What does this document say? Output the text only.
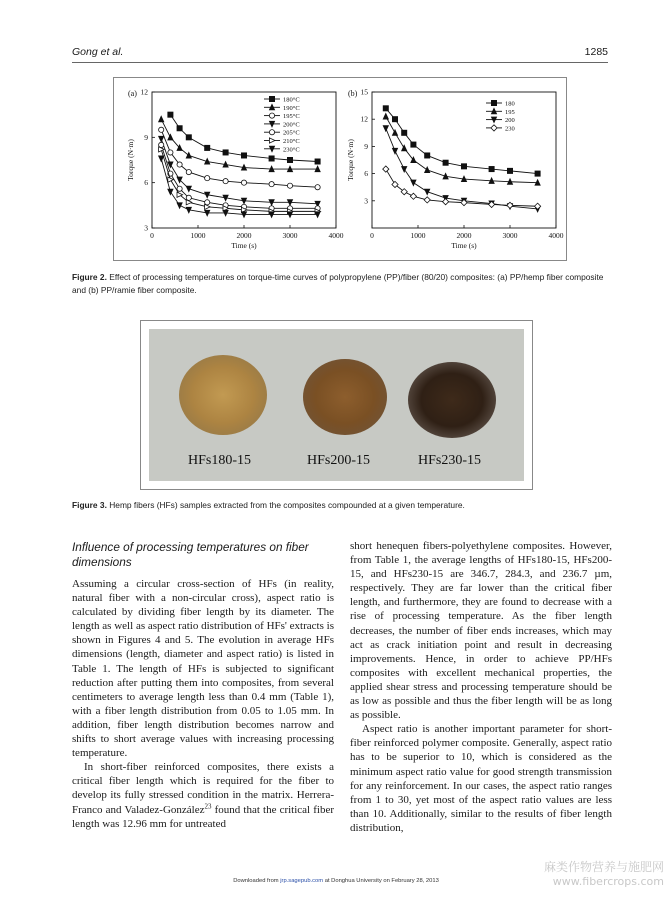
Gong et al.	1285
0	1000	2000	3000	4000
3
6
9
12
(a)
Time (s)
Torque (N·m)
180°C
190°C
195°C
200°C
205°C
210°C
230°C
0	1000	2000	3000	4000
3
6
9
12
15
(b)
Time (s)
Torque (N·m)
180
195
200
230
Figure 2. Effect of processing temperatures on torque-time curves of polypropylene (PP)/fiber (80/20) composites: (a) PP/hemp fiber composite and (b) PP/ramie fiber composite.
HFs180-15	HFs200-15	HFs230-15
Figure 3. Hemp fibers (HFs) samples extracted from the composites compounded at a given temperature.
Influence of processing temperatures on fiber
dimensions

Assuming a circular cross-section of HFs (in reality, natural fiber with a non-circular cross), aspect ratio is calculated by dividing fiber length by its diameter. The length as well as aspect ratio distribution of HFs' extracts is shown in Figures 4 and 5. The evolution in average HFs dimensions (length, diameter and aspect ratio) is listed in Table 1. The length of HFs is subjected to significant reduction after putting them into composites, from several centimeters to average length less than 0.4 mm (Table 1), with a fiber length distribution from 0.05 to 1.05 mm. In addition, fiber length distribution becomes narrow and shifts to short average values with increasing processing temperature.

In short-fiber reinforced composites, there exists a critical fiber length which is required for the fiber to develop its fully stressed condition in the matrix. Herrera-Franco and Valadez-González$^{23}$ found that the critical fiber length was 12.96 mm for untreated

short henequen fibers-polyethylene composites. However, from Table 1, the average lengths of HFs180-15, HFs200-15, and HFs230-15 are 346.7, 284.3, and 236.7 µm, respectively. They are far lower than the critical fiber length, and furthermore, they are found to decrease with a rise of processing temperature. As the fiber length decreases, the number of fiber ends increases, which may act as crack initiation point and result in decreasing improvements. Hence, in order to achieve PP/HFs composites with excellent mechanical properties, the applied shear stress and processing temperature should be as low as possible and thus the fiber length will be as long as possible.

Aspect ratio is another important parameter for short-fiber reinforced polymer composite. Generally, aspect ratio has to be superior to 10, which is considered as the minimum aspect ratio value for good strength transmission for any reinforcement. In our cases, the aspect ratio ranges from 1 to 30, yet most of the aspect ratio values are less than 10. Additionally, similar to the results of fiber length distribution,

Downloaded from jrp.sagepub.com at Donghua University on February 28, 2013
麻类作物营养与施肥网
www.fibercrops.com
